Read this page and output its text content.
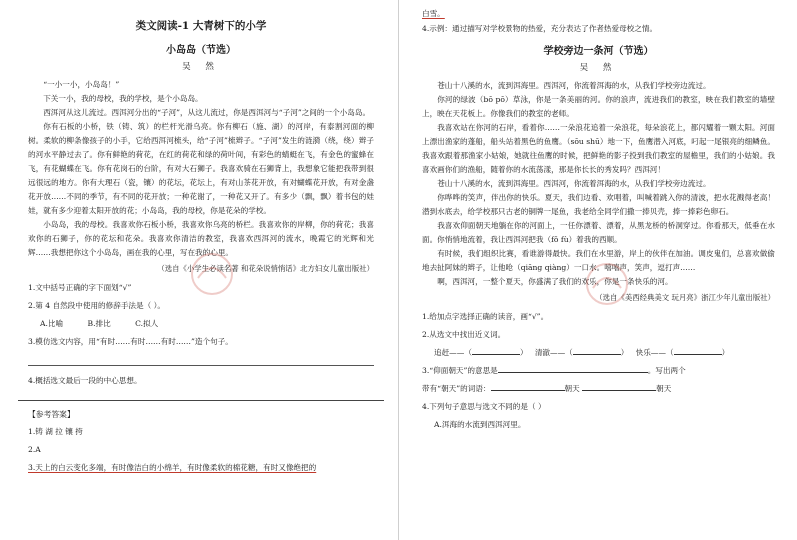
类文阅读-1 大青树下的小学

小岛岛（节选）

吴 然

“一小一小，小岛岛！”

下关一小，我的母校，我的学校，是个小岛岛。

西洱河从这儿流过。西洱河分出的“子河”，从这儿流过，你是西洱河与“子河”之间的一个小岛岛。

你有石板的小桥，铁（铸、筑）的栏杆光滑乌亮。你有柳石（施、湖）的河岸，有泰割河面的柳树。柔软的柳条像孩子的小手，它给西洱河梳头，给“子河”梳辫子。“子河”发生的涟漪（绕，绕）辫子的河水平静过去了。你有鲜艳的荷花，在红的荷花和绿的荷叶间，有彩色的蜻蜓在飞，有金色的蜜蜂在飞，有花蝴蝶在飞。你有花岗石的台阶，有对大石狮子。我喜欢骑在石狮背上，我想象它能把我带到很远很远的地方。你有大理石（瓷，镶）的花坛，花坛上，有对山茶花开放，有对蝴蝶花开放，有对金盏花开放……不同的季节，有不同的花开放；一种花谢了，一种花又开了。有多少（飘，飘）着书包的娃娃，就有多少迎着太阳开放的花；小岛岛，我的母校，你是花朵的学校。

小岛岛，我的母校。我喜欢你石板小桥，我喜欢你乌亮的桥栏。我喜欢你的岸柳，你的荷花；我喜欢你的石狮子，你的花坛和花朵。我喜欢你清洁的教室，我喜欢西洱河的流水，晚霞它的光辉和光辉……我想把你这个小岛岛，画在我的心里，写在我的心里。

（选自《小学生必读名著 和花朵说悄悄话》北方妇女儿童出版社）

1.文中括号正确的字下面划“√”

2.第 4 自然段中使用的修辞手法是（ ）。

A.比喻	B.排比	C.拟人

3.模仿选文内容，用“有时……有时……有时……”造个句子。

4.概括选文最后一段的中心思想。

【参考答案】

1.铸 湖 拉 镶 挎

2.A

3.天上的白云变化多端，有时像洁白的小绵羊，有时像柔软的棉花糖，有时又像绝把的

白雪。

4.示例：通过描写对学校景物的热爱，充分表达了作者热爱母校之情。

学校旁边一条河（节选）

吴 然

苍山十八溪的水，流到洱海里。西洱河，你流着洱海的水，从我们学校旁边流过。

你河的绿波（bō pō）草泳，你是一条美丽的河。你的浪声，流进我们的教室，映在我们教室的墙壁上，映在天花板上。你像我们的教室的老师。

我喜欢站在你河的石岸，看着你……一朵浪花追着一朵浪花，每朵浪花上，都闪耀着一颗太阳。河面上漂出渔家的蓬船，船头站着黑色的鱼鹰。（sōu shū）地一下，鱼鹰潜入河底，叼起一尾银亮的细鳞鱼。我喜欢跟着那渔家小姑娘，她就往鱼鹰的时候，把鲜艳的影子投到我们教室的屋檐里，我们的小姑娘。我喜欢画你们的渔船，随着你的水流荡漾，那是你长长的秀发吗？西洱河！

苍山十八溪的水，流到洱海里。西洱河，你流着洱海的水，从我们学校旁边流过。

你哗哗的笑声，伴出你的快乐。夏天，我们边看、欢唱着，叫喊着跳入你的清波，把水花溅得老高！潜到水底去，给学校那只古老的铜牌一尾鱼，我老给全同学们撒一捧贝壳，捧一捧彩色卵石。

我喜欢仰面朝天地躺在你的河面上，一任你漂着、漂着，从黑龙桥的桥洞穿过。你看那天，低垂在水面。你悄悄地流着，我让西洱河把我（fǒ fù）着我的西顺。

有时候，我们组织比赛，看谁游得最快。我们在水里游，岸上的伙伴在加油。调皮鬼们，总喜欢做偷地去扯阿妹的辫子，让他呛（qiāng qiàng）一口水。嘻嘻声，笑声，逗打声……

啊，西洱河，一整个夏天，你盛满了我们的欢乐，你是一条快乐的河。

（选自《美西经典美文 玩月亮》浙江少年儿童出版社）

1.给加点字选择正确的读音，画“√”。

2.从选文中找出近义词。

追赶——（	） 清澈——（	） 快乐——（	）

3.“仰面朝天”的意思是	。写出两个

带有“朝天”的词语：	朝天	朝天

4.下列句子意思与选文不同的是（ ）

A.洱海的水流到西洱河里。
